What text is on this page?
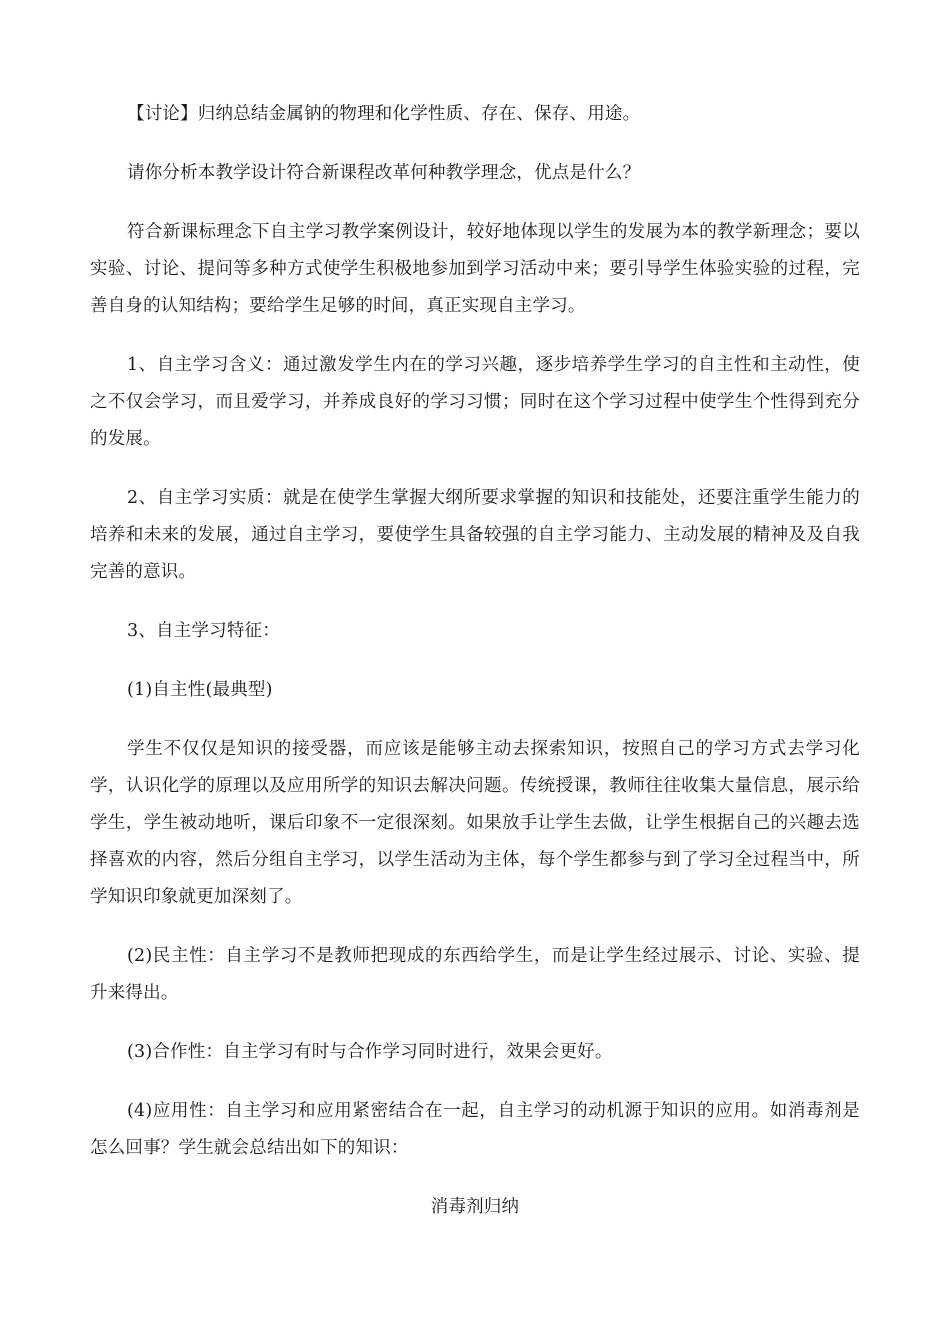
【讨论】归纳总结金属钠的物理和化学性质、存在、保存、用途。

请你分析本教学设计符合新课程改革何种教学理念，优点是什么？

符合新课标理念下自主学习教学案例设计，较好地体现以学生的发展为本的教学新理念；要以实验、讨论、提问等多种方式使学生积极地参加到学习活动中来；要引导学生体验实验的过程，完善自身的认知结构；要给学生足够的时间，真正实现自主学习。

1、自主学习含义：通过激发学生内在的学习兴趣，逐步培养学生学习的自主性和主动性，使之不仅会学习，而且爱学习，并养成良好的学习习惯；同时在这个学习过程中使学生个性得到充分的发展。

2、自主学习实质：就是在使学生掌握大纲所要求掌握的知识和技能处，还要注重学生能力的培养和未来的发展，通过自主学习，要使学生具备较强的自主学习能力、主动发展的精神及及自我完善的意识。

3、自主学习特征：

(1)自主性(最典型)

学生不仅仅是知识的接受器，而应该是能够主动去探索知识，按照自己的学习方式去学习化学，认识化学的原理以及应用所学的知识去解决问题。传统授课，教师往往收集大量信息，展示给学生，学生被动地听，课后印象不一定很深刻。如果放手让学生去做，让学生根据自己的兴趣去选择喜欢的内容，然后分组自主学习，以学生活动为主体，每个学生都参与到了学习全过程当中，所学知识印象就更加深刻了。

(2)民主性：自主学习不是教师把现成的东西给学生，而是让学生经过展示、讨论、实验、提升来得出。

(3)合作性：自主学习有时与合作学习同时进行，效果会更好。

(4)应用性：自主学习和应用紧密结合在一起，自主学习的动机源于知识的应用。如消毒剂是怎么回事？学生就会总结出如下的知识：

消毒剂归纳
